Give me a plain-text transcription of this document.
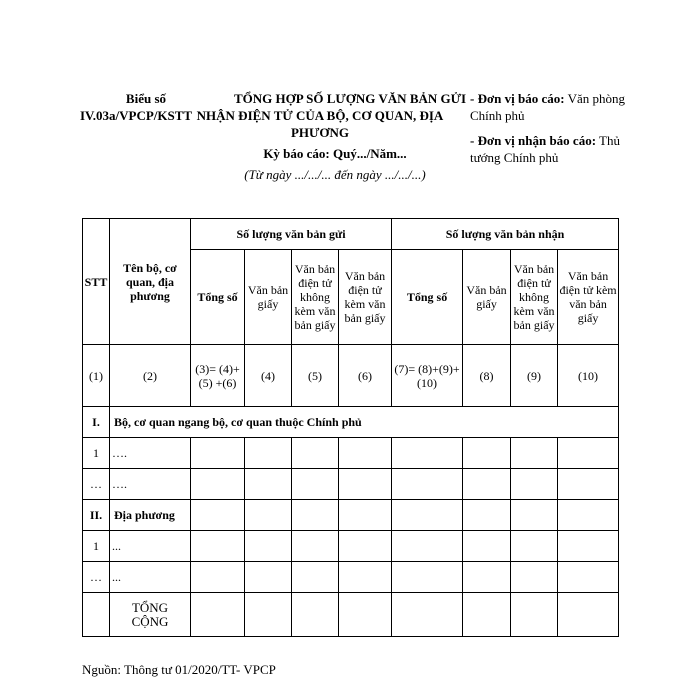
Biểu số
IV.03a/VPCP/KSTT
TỔNG HỢP SỐ LƯỢNG VĂN BẢN GỬI
NHẬN ĐIỆN TỬ CỦA BỘ, CƠ QUAN, ĐỊA
PHƯƠNG
Kỳ báo cáo: Quý.../Năm...
(Từ ngày .../.../... đến ngày .../.../...)
- Đơn vị báo cáo: Văn phòng Chính phủ
- Đơn vị nhận báo cáo: Thủ tướng Chính phủ
STT	Tên bộ, cơ quan, địa phương	Số lượng văn bản gửi				Số lượng văn bản nhận			
		Tổng số	Văn bản giấy	Văn bản điện tử không kèm văn bản giấy	Văn bản điện tử kèm văn bản giấy	Tổng số	Văn bản giấy	Văn bản điện tử không kèm văn bản giấy	Văn bản điện tử kèm văn bản giấy
(1)	(2)	(3)= (4)+(5) +(6)	(4)	(5)	(6)	(7)= (8)+(9)+(10)	(8)	(9)	(10)
I.	Bộ, cơ quan ngang bộ, cơ quan thuộc Chính phủ								
1	….								
…	….								
II.	Địa phương								
1	...								
…	...								
	TỔNG CỘNG								
Nguồn: Thông tư 01/2020/TT- VPCP
